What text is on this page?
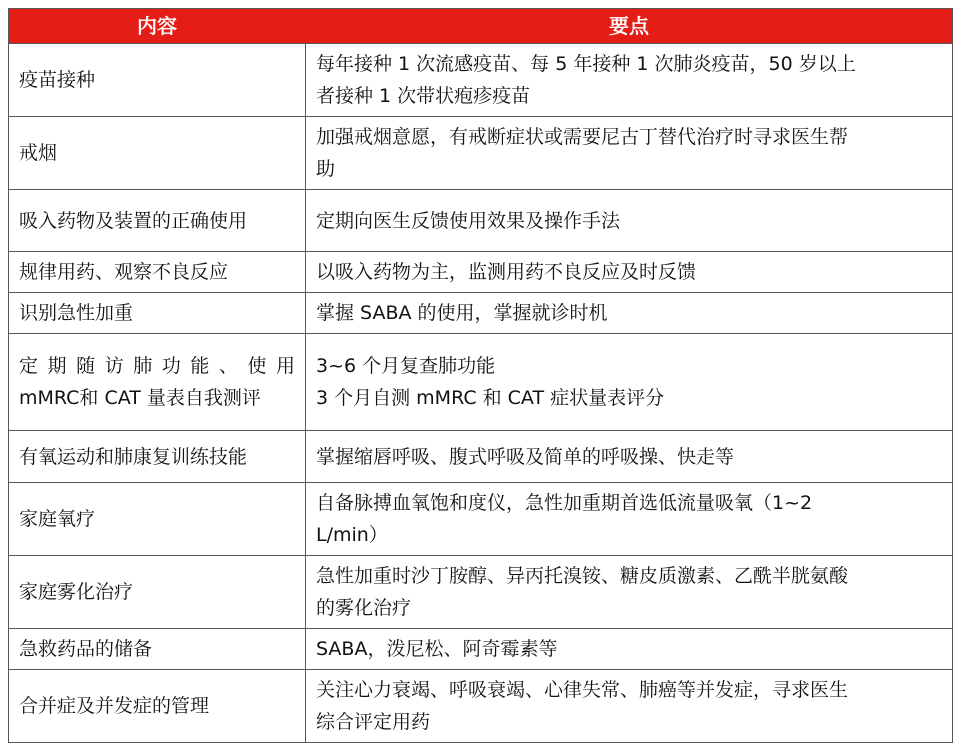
内容	要点

疫苗接种	每年接种 1 次流感疫苗、每 5 年接种 1 次肺炎疫苗，50 岁以上
者接种 1 次带状疱疹疫苗

戒烟	加强戒烟意愿，有戒断症状或需要尼古丁替代治疗时寻求医生帮
助

吸入药物及装置的正确使用	定期向医生反馈使用效果及操作手法

规律用药、观察不良反应	以吸入药物为主，监测用药不良反应及时反馈

识别急性加重	掌握 SABA 的使用，掌握就诊时机

定期随访肺功能、使用
mMRC和 CAT 量表自我测评	3~6 个月复查肺功能
3 个月自测 mMRC 和 CAT 症状量表评分

有氧运动和肺康复训练技能	掌握缩唇呼吸、腹式呼吸及简单的呼吸操、快走等

家庭氧疗	自备脉搏血氧饱和度仪，急性加重期首选低流量吸氧（1~2
L/min）

家庭雾化治疗	急性加重时沙丁胺醇、异丙托溴铵、糖皮质激素、乙酰半胱氨酸
的雾化治疗

急救药品的储备	SABA，泼尼松、阿奇霉素等

合并症及并发症的管理	关注心力衰竭、呼吸衰竭、心律失常、肺癌等并发症，寻求医生
综合评定用药
